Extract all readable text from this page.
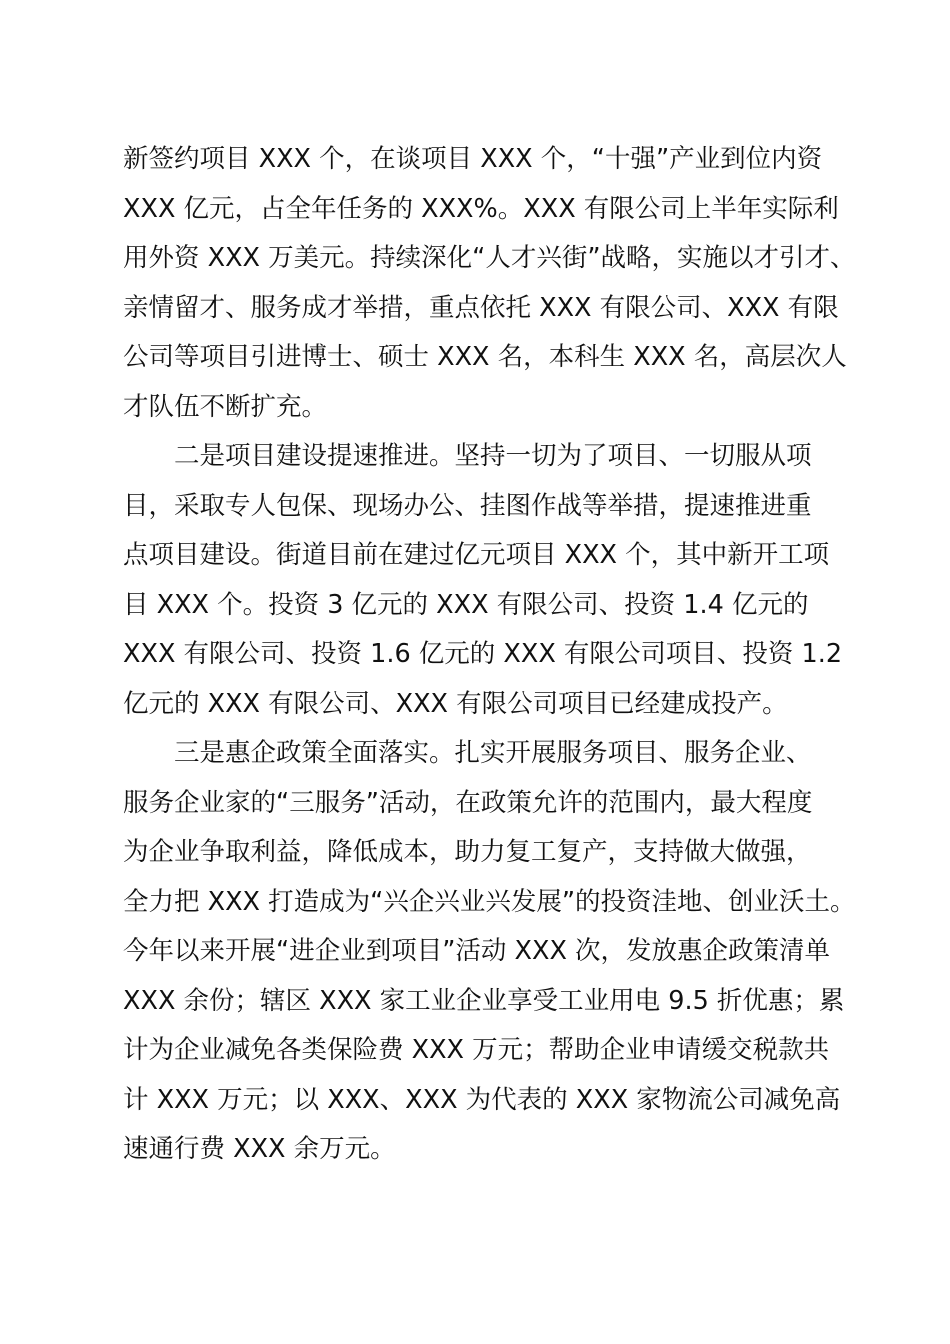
新签约项目 XXX 个，在谈项目 XXX 个，“十强”产业到位内资
XXX 亿元，占全年任务的 XXX%。XXX 有限公司上半年实际利
用外资 XXX 万美元。持续深化“人才兴街”战略，实施以才引才、
亲情留才、服务成才举措，重点依托 XXX 有限公司、XXX 有限
公司等项目引进博士、硕士 XXX 名，本科生 XXX 名，高层次人
才队伍不断扩充。
二是项目建设提速推进。坚持一切为了项目、一切服从项
目，采取专人包保、现场办公、挂图作战等举措，提速推进重
点项目建设。街道目前在建过亿元项目 XXX 个，其中新开工项
目 XXX 个。投资 3 亿元的 XXX 有限公司、投资 1.4 亿元的
XXX 有限公司、投资 1.6 亿元的 XXX 有限公司项目、投资 1.2
亿元的 XXX 有限公司、XXX 有限公司项目已经建成投产。
三是惠企政策全面落实。扎实开展服务项目、服务企业、
服务企业家的“三服务”活动，在政策允许的范围内，最大程度
为企业争取利益，降低成本，助力复工复产，支持做大做强，
全力把 XXX 打造成为“兴企兴业兴发展”的投资洼地、创业沃土。
今年以来开展“进企业到项目”活动 XXX 次，发放惠企政策清单
XXX 余份；辖区 XXX 家工业企业享受工业用电 9.5 折优惠；累
计为企业减免各类保险费 XXX 万元；帮助企业申请缓交税款共
计 XXX 万元；以 XXX、XXX 为代表的 XXX 家物流公司减免高
速通行费 XXX 余万元。
